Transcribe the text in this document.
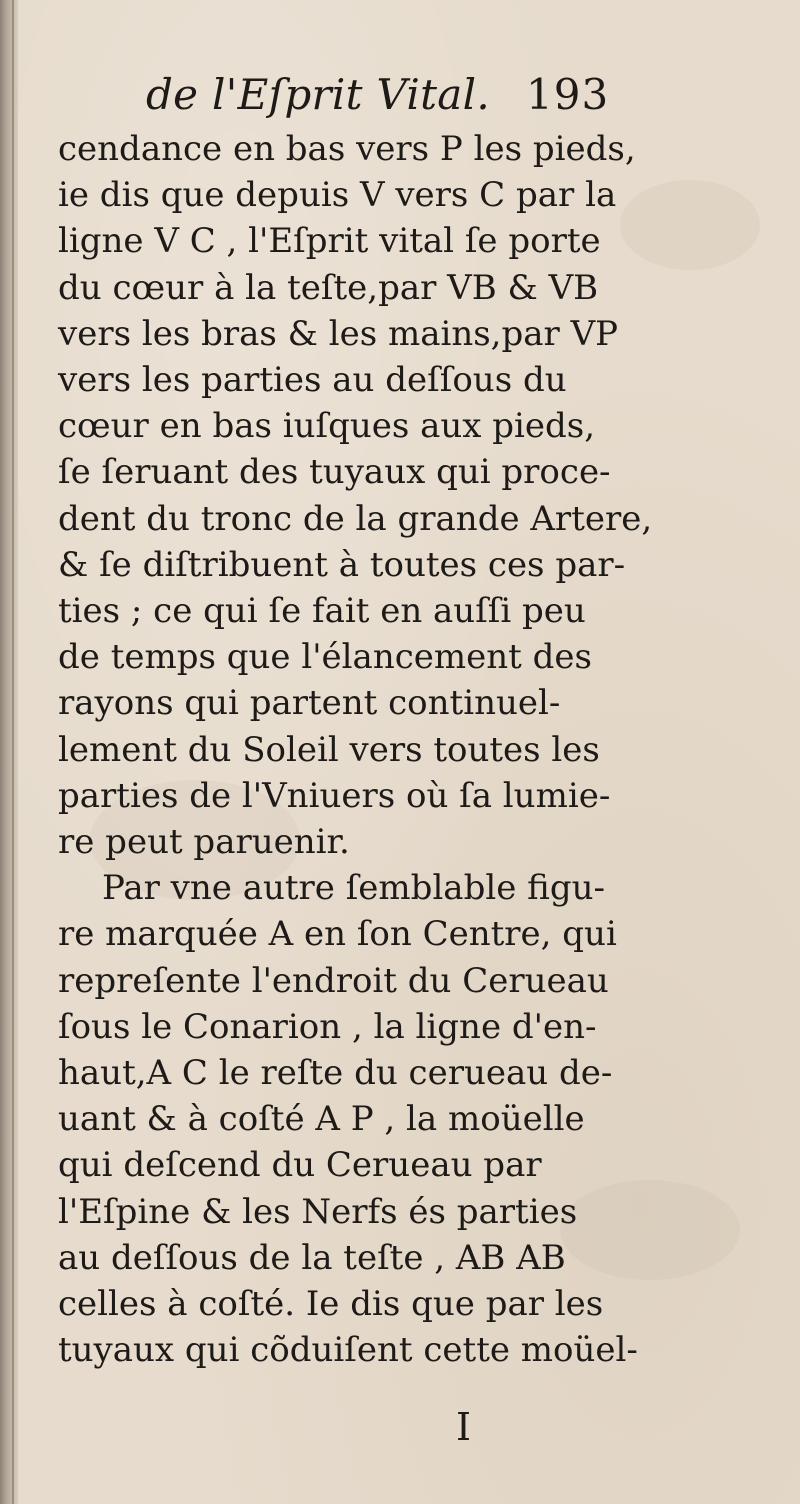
de l'Eſprit Vital. 193
cendance en bas vers P les pieds,
ie dis que depuis V vers C par la
ligne V C , l'Eſprit vital ſe porte
du cœur à la teſte,par VB & VB
vers les bras & les mains,par VP
vers les parties au deſſous du
cœur en bas iuſques aux pieds,
ſe ſeruant des tuyaux qui proce-
dent du tronc de la grande Artere,
& ſe diſtribuent à toutes ces par-
ties ; ce qui ſe fait en auſſi peu
de temps que l'élancement des
rayons qui partent continuel-
lement du Soleil vers toutes les
parties de l'Vniuers où ſa lumie-
re peut paruenir.
Par vne autre ſemblable figu-
re marquée A en ſon Centre, qui
repreſente l'endroit du Cerueau
ſous le Conarion , la ligne d'en-
haut,A C le reſte du cerueau de-
uant & à coſté A P , la moüelle
qui deſcend du Cerueau par
l'Eſpine & les Nerfs és parties
au deſſous de la teſte , AB AB
celles à coſté. Ie dis que par les
tuyaux qui cõduiſent cette moüel-
I
